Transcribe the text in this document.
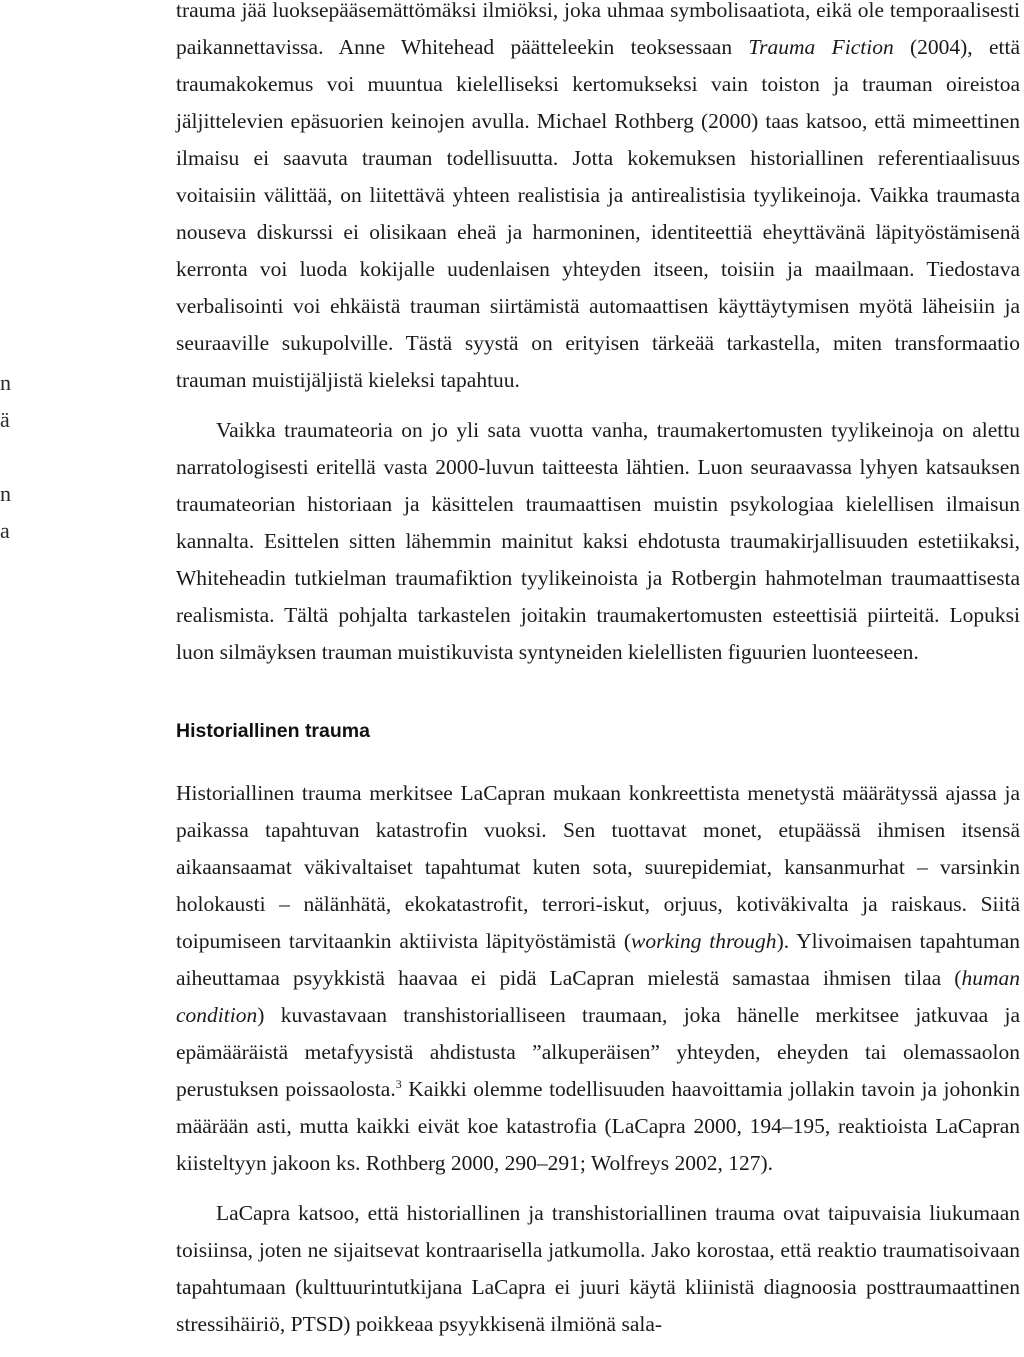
n
ä
n
a

trauma jää luoksepääsemättömäksi ilmiöksi, joka uhmaa symbolisaatiota, eikä ole temporaalisesti paikannettavissa. Anne Whitehead päätteleekin teoksessaan Trauma Fiction (2004), että traumakokemus voi muuntua kielelliseksi kertomukseksi vain toiston ja trauman oireistoa jäljittelevien epäsuorien keinojen avulla. Michael Rothberg (2000) taas katsoo, että mimeettinen ilmaisu ei saavuta trauman todellisuutta. Jotta kokemuksen historiallinen referentiaalisuus voitaisiin välittää, on liitettävä yhteen realistisia ja antirealistisia tyylikeinoja. Vaikka traumasta nouseva diskurssi ei olisikaan eheä ja harmoninen, identiteettiä eheyttävänä läpityöstämisenä kerronta voi luoda kokijalle uudenlaisen yhteyden itseen, toisiin ja maailmaan. Tiedostava verbalisointi voi ehkäistä trauman siirtämistä automaattisen käyttäytymisen myötä läheisiin ja seuraaville sukupolville. Tästä syystä on erityisen tärkeää tarkastella, miten transformaatio trauman muistijäljistä kieleksi tapahtuu.

Vaikka traumateoria on jo yli sata vuotta vanha, traumakertomusten tyylikeinoja on alettu narratologisesti eritellä vasta 2000-luvun taitteesta lähtien. Luon seuraavassa lyhyen katsauksen traumateorian historiaan ja käsittelen traumaattisen muistin psykologiaa kielellisen ilmaisun kannalta. Esittelen sitten lähemmin mainitut kaksi ehdotusta traumakirjallisuuden estetiikaksi, Whiteheadin tutkielman traumafiktion tyylikeinoista ja Rotbergin hahmotelman traumaattisesta realismista. Tältä pohjalta tarkastelen joitakin traumakertomusten esteettisiä piirteitä. Lopuksi luon silmäyksen trauman muistikuvista syntyneiden kielellisten figuurien luonteeseen.

Historiallinen trauma

Historiallinen trauma merkitsee LaCapran mukaan konkreettista menetystä määrätyssä ajassa ja paikassa tapahtuvan katastrofin vuoksi. Sen tuottavat monet, etupäässä ihmisen itsensä aikaansaamat väkivaltaiset tapahtumat kuten sota, suurepidemiat, kansanmurhat – varsinkin holokausti – nälänhätä, ekokatastrofit, terrori-iskut, orjuus, kotiväkivalta ja raiskaus. Siitä toipumiseen tarvitaankin aktiivista läpityöstämistä (working through). Ylivoimaisen tapahtuman aiheuttamaa psyykkistä haavaa ei pidä LaCapran mielestä samastaa ihmisen tilaa (human condition) kuvastavaan transhistorialliseen traumaan, joka hänelle merkitsee jatkuvaa ja epämääräistä metafyysistä ahdistusta ”alkuperäisen” yhteyden, eheyden tai olemassaolon perustuksen poissaolosta.$^3$ Kaikki olemme todellisuuden haavoittamia jollakin tavoin ja johonkin määrään asti, mutta kaikki eivät koe katastrofia (LaCapra 2000, 194–195, reaktioista LaCapran kiisteltyyn jakoon ks. Rothberg 2000, 290–291; Wolfreys 2002, 127).

LaCapra katsoo, että historiallinen ja transhistoriallinen trauma ovat taipuvaisia liukumaan toisiinsa, joten ne sijaitsevat kontraarisella jatkumolla. Jako korostaa, että reaktio traumatisoivaan tapahtumaan (kulttuurintutkijana LaCapra ei juuri käytä kliinistä diagnoosia posttraumaattinen stressihäiriö, PTSD) poikkeaa psyykkisenä ilmiönä sala-
